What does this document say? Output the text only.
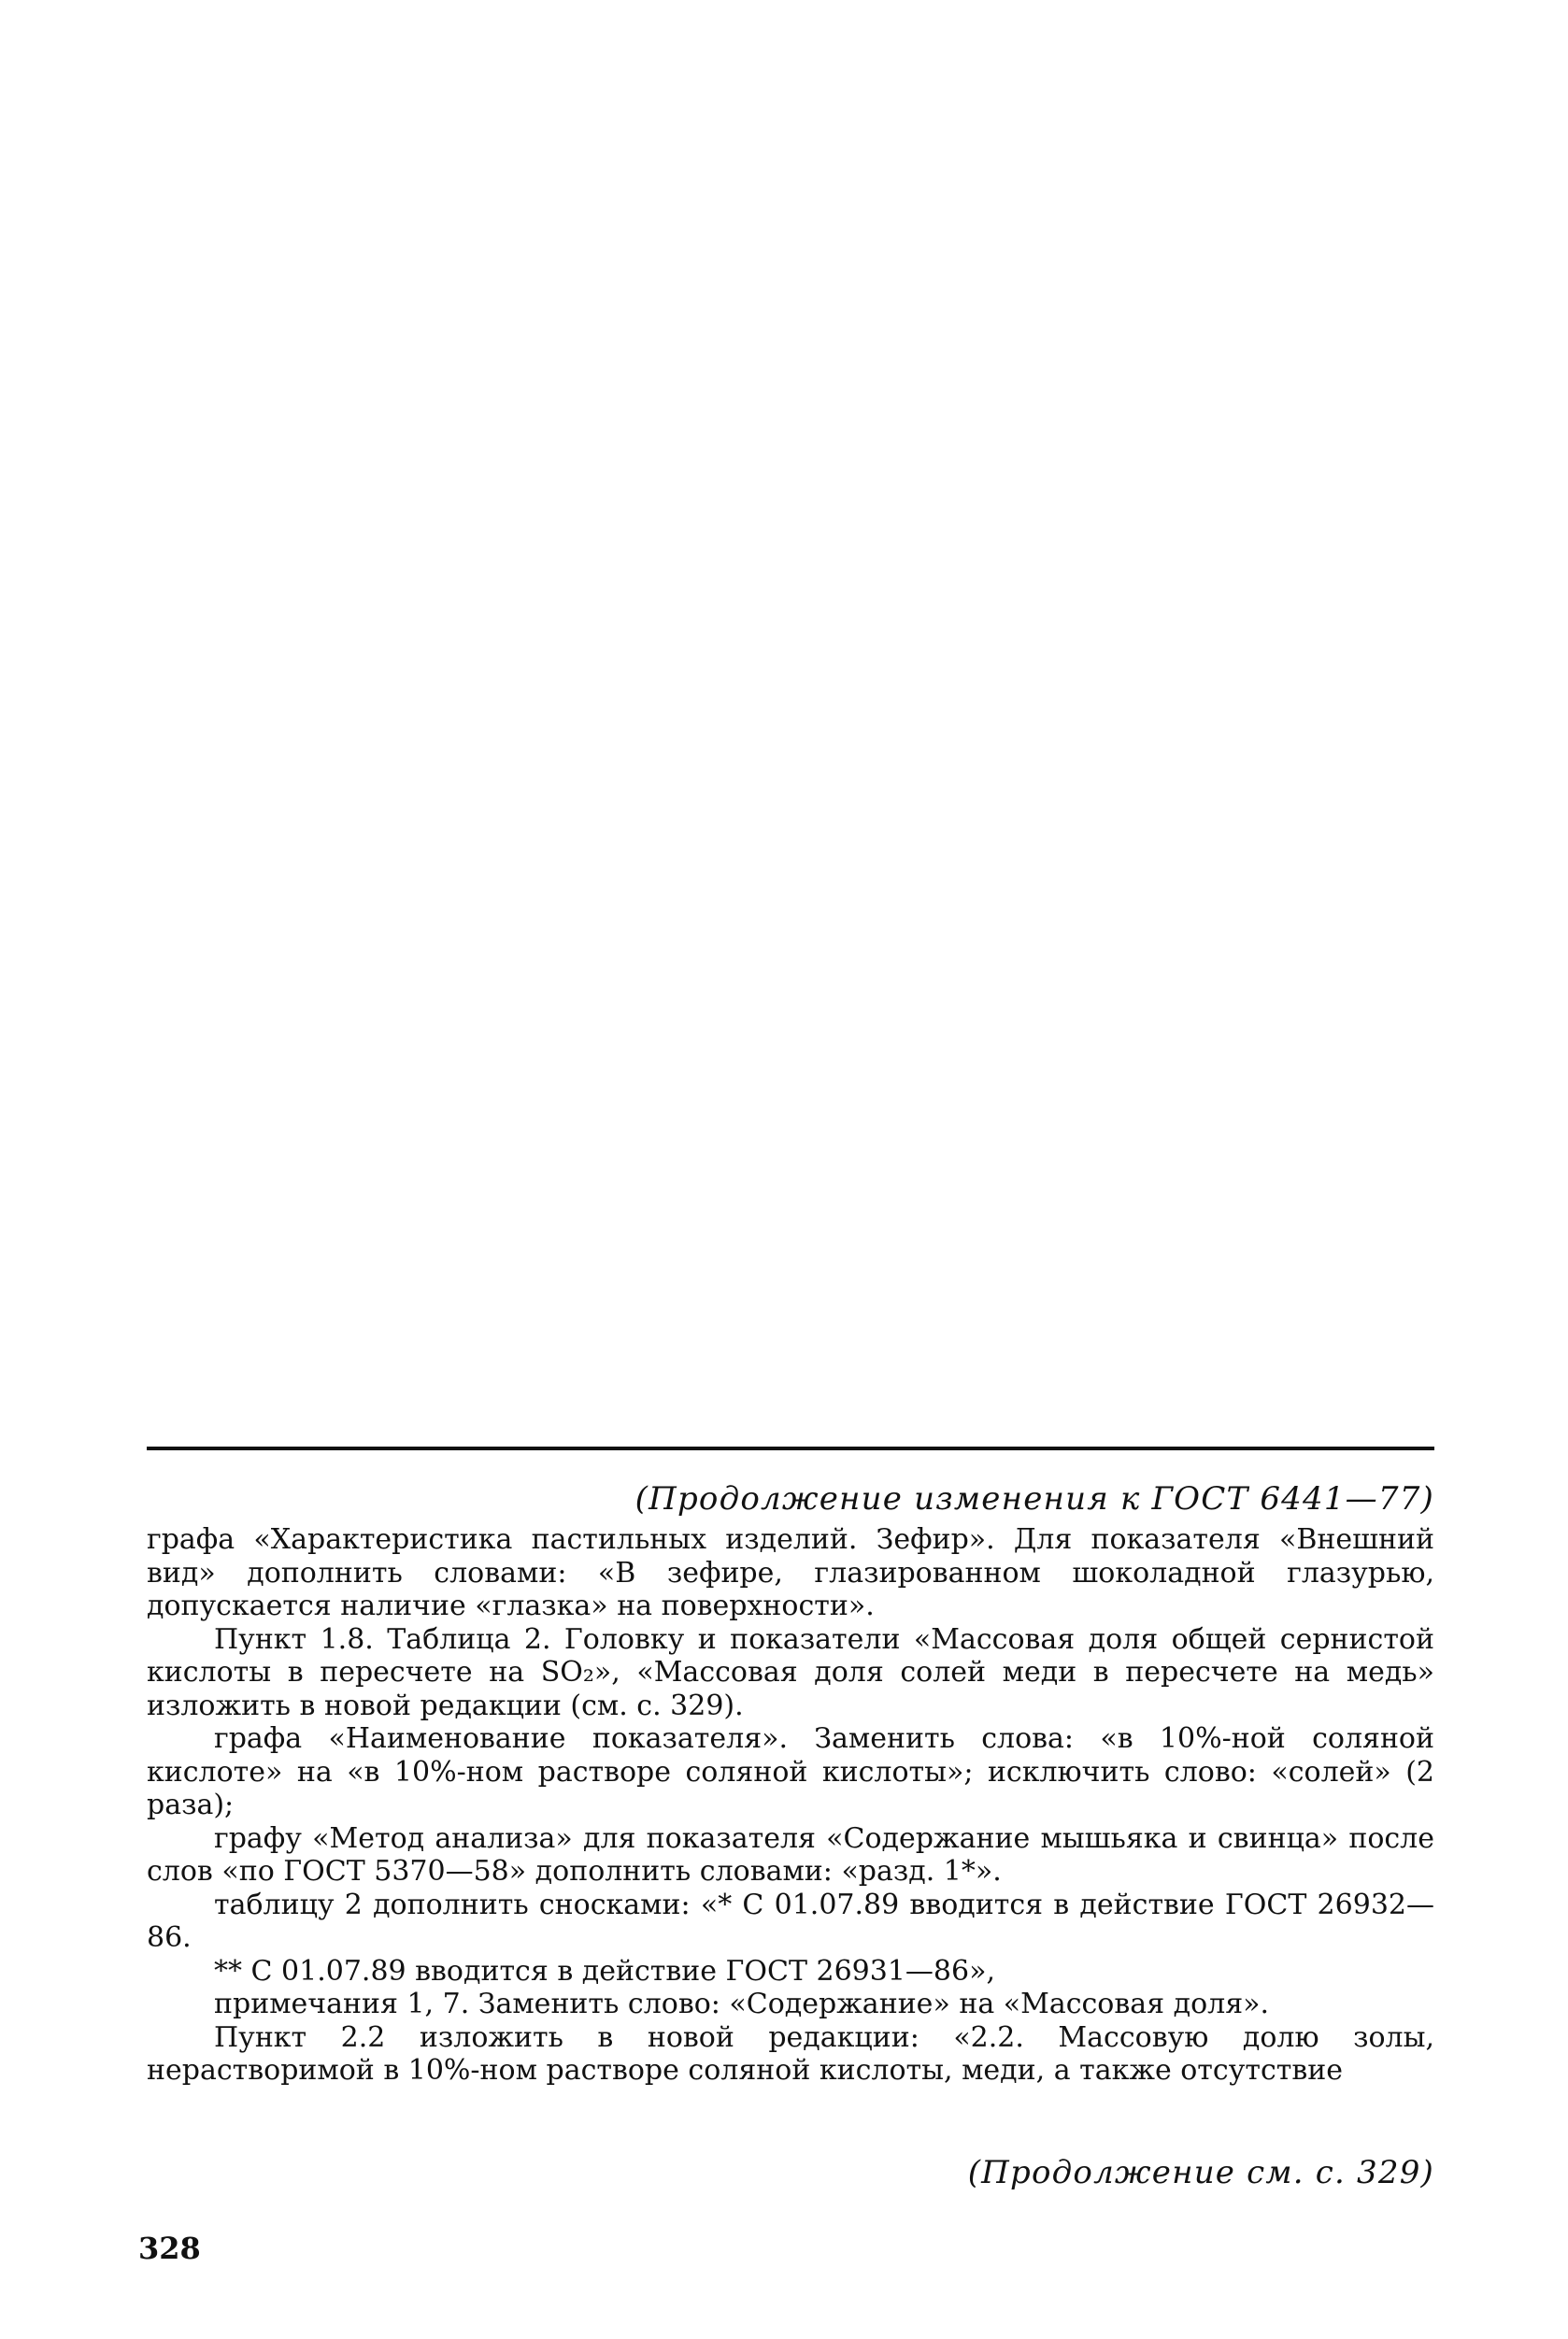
(Продолжение изменения к ГОСТ 6441—77)

графа «Характеристика пастильных изделий. Зефир». Для показателя «Внешний вид» дополнить словами: «В зефире, глазированном шоколадной глазурью, допускается наличие «глазка» на поверхности».

Пункт 1.8. Таблица 2. Головку и показатели «Массовая доля общей сернистой кислоты в пересчете на SO₂», «Массовая доля солей меди в пересчете на медь» изложить в новой редакции (см. с. 329).

графа «Наименование показателя». Заменить слова: «в 10%-ной соляной кислоте» на «в 10%-ном растворе соляной кислоты»; исключить слово: «солей» (2 раза);

графу «Метод анализа» для показателя «Содержание мышьяка и свинца» после слов «по ГОСТ 5370—58» дополнить словами: «разд. 1*».

таблицу 2 дополнить сносками: «* С 01.07.89 вводится в действие ГОСТ 26932—86.

** С 01.07.89 вводится в действие ГОСТ 26931—86»,

примечания 1, 7. Заменить слово: «Содержание» на «Массовая доля».

Пункт 2.2 изложить в новой редакции: «2.2. Массовую долю золы, нерастворимой в 10%-ном растворе соляной кислоты, меди, а также отсутствие

(Продолжение см. с. 329)
328
